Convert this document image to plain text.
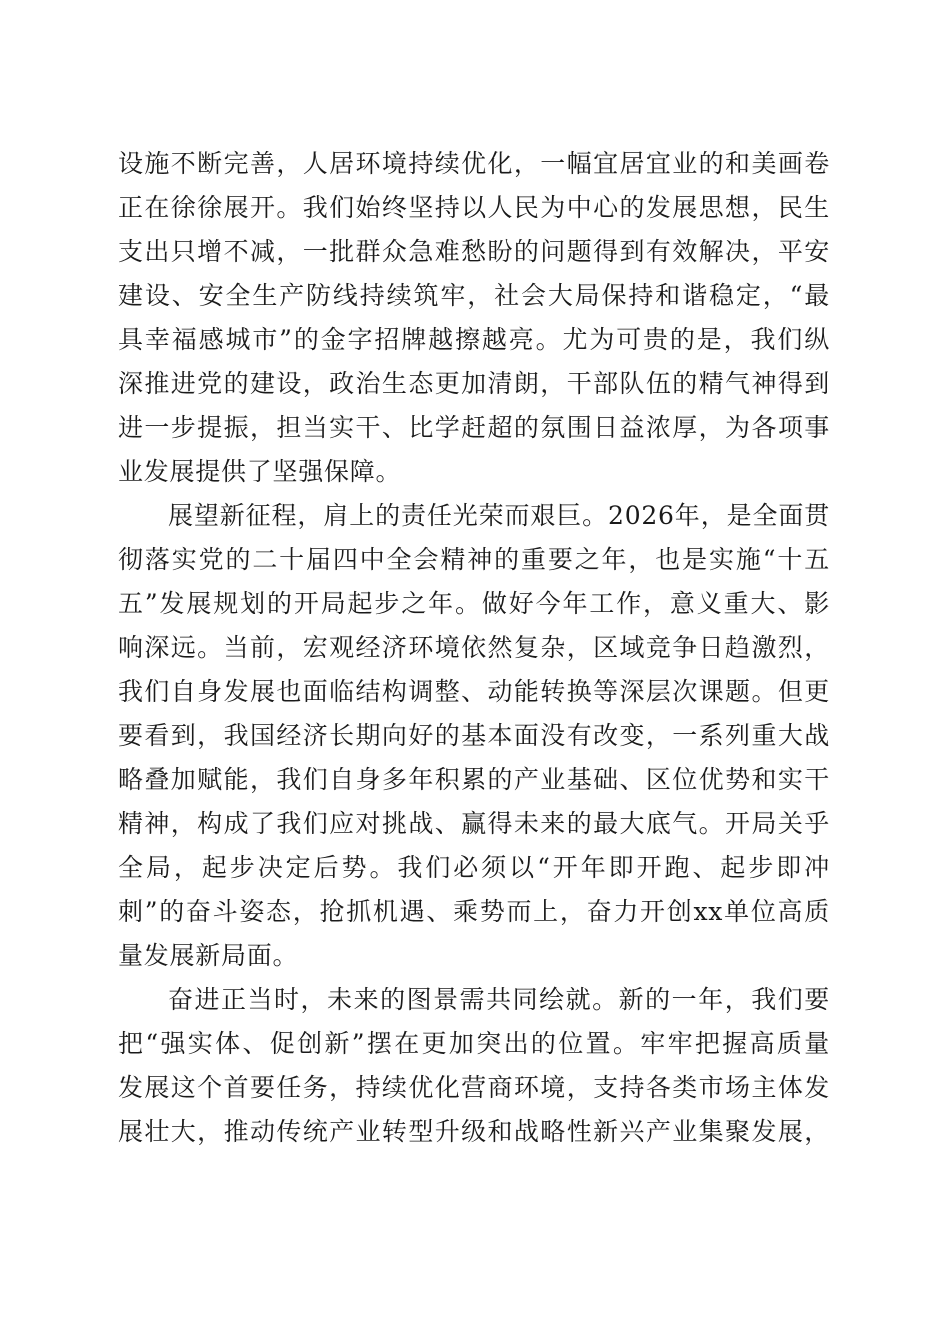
设施不断完善，人居环境持续优化，一幅宜居宜业的和美画卷
正在徐徐展开。我们始终坚持以人民为中心的发展思想，民生
支出只增不减，一批群众急难愁盼的问题得到有效解决，平安
建设、安全生产防线持续筑牢，社会大局保持和谐稳定，“最
具幸福感城市”的金字招牌越擦越亮。尤为可贵的是，我们纵
深推进党的建设，政治生态更加清朗，干部队伍的精气神得到
进一步提振，担当实干、比学赶超的氛围日益浓厚，为各项事
业发展提供了坚强保障。
展望新征程，肩上的责任光荣而艰巨。2026年，是全面贯
彻落实党的二十届四中全会精神的重要之年，也是实施“十五
五”发展规划的开局起步之年。做好今年工作，意义重大、影
响深远。当前，宏观经济环境依然复杂，区域竞争日趋激烈，
我们自身发展也面临结构调整、动能转换等深层次课题。但更
要看到，我国经济长期向好的基本面没有改变，一系列重大战
略叠加赋能，我们自身多年积累的产业基础、区位优势和实干
精神，构成了我们应对挑战、赢得未来的最大底气。开局关乎
全局，起步决定后势。我们必须以“开年即开跑、起步即冲
刺”的奋斗姿态，抢抓机遇、乘势而上，奋力开创xx单位高质
量发展新局面。
奋进正当时，未来的图景需共同绘就。新的一年，我们要
把“强实体、促创新”摆在更加突出的位置。牢牢把握高质量
发展这个首要任务，持续优化营商环境，支持各类市场主体发
展壮大，推动传统产业转型升级和战略性新兴产业集聚发展，
